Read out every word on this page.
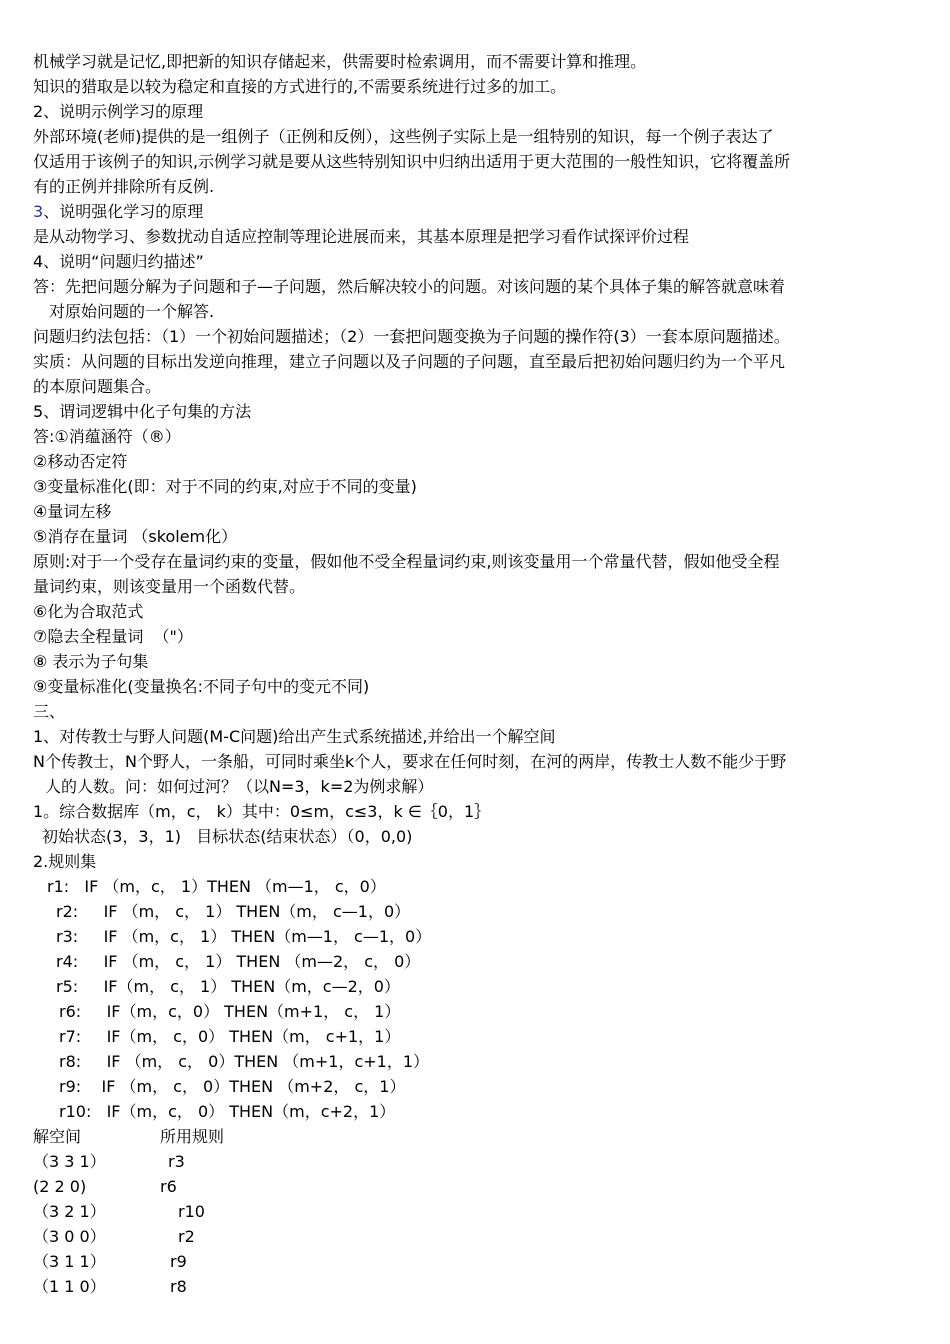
机械学习就是记忆,即把新的知识存储起来，供需要时检索调用，而不需要计算和推理。
知识的猎取是以较为稳定和直接的方式进行的,不需要系统进行过多的加工。
2、说明示例学习的原理
外部环境(老师)提供的是一组例子（正例和反例），这些例子实际上是一组特别的知识，每一个例子表达了
仅适用于该例子的知识,示例学习就是要从这些特别知识中归纳出适用于更大范围的一般性知识，它将覆盖所
有的正例并排除所有反例.
3、说明强化学习的原理
是从动物学习、参数扰动自适应控制等理论进展而来，其基本原理是把学习看作试探评价过程
4、说明“问题归约描述”
答：先把问题分解为子问题和子—子问题，然后解决较小的问题。对该问题的某个具体子集的解答就意味着
对原始问题的一个解答.
问题归约法包括：（1）一个初始问题描述；（2）一套把问题变换为子问题的操作符(3）一套本原问题描述。
实质：从问题的目标出发逆向推理，建立子问题以及子问题的子问题，直至最后把初始问题归约为一个平凡
的本原问题集合。
5、谓词逻辑中化子句集的方法
答:①消蕴涵符（®）
②移动否定符
③变量标准化(即：对于不同的约束,对应于不同的变量)
④量词左移
⑤消存在量词 （skolem化）
原则:对于一个受存在量词约束的变量，假如他不受全程量词约束,则该变量用一个常量代替，假如他受全程
量词约束，则该变量用一个函数代替。
⑥化为合取范式
⑦隐去全程量词  （"）
⑧ 表示为子句集
⑨变量标准化(变量换名:不同子句中的变元不同)
三、
1、对传教士与野人问题(M-C问题)给出产生式系统描述,并给出一个解空间
N个传教士，N个野人，一条船，可同时乘坐k个人，要求在任何时刻，在河的两岸，传教士人数不能少于野
人的人数。问：如何过河？（以N=3，k=2为例求解）
1。综合数据库（m，c， k）其中：0≤m，c≤3，k ∈｛0，1｝
初始状态(3，3，1)   目标状态(结束状态）（0，0,0)
2.规则集
r1:   IF （m，c， 1）THEN （m—1， c，0）
r2:     IF （m， c， 1） THEN（m， c—1，0）
r3:     IF （m，c， 1） THEN（m—1， c—1，0）
r4:     IF （m， c， 1） THEN （m—2， c， 0）
r5:     IF（m， c， 1） THEN（m，c—2，0）
r6:     IF（m，c，0） THEN（m+1， c， 1）
r7:     IF（m， c，0） THEN（m， c+1，1）
r8:     IF （m， c， 0）THEN （m+1，c+1，1）
r9:    IF （m， c， 0）THEN （m+2， c，1）
r10:   IF（m，c， 0） THEN（m，c+2，1）
解空间	所用规则
（3 3 1）	r3
(2 2 0)	r6
（3 2 1）	r10
（3 0 0）	r2
（3 1 1）	r9
（1 1 0）	r8
